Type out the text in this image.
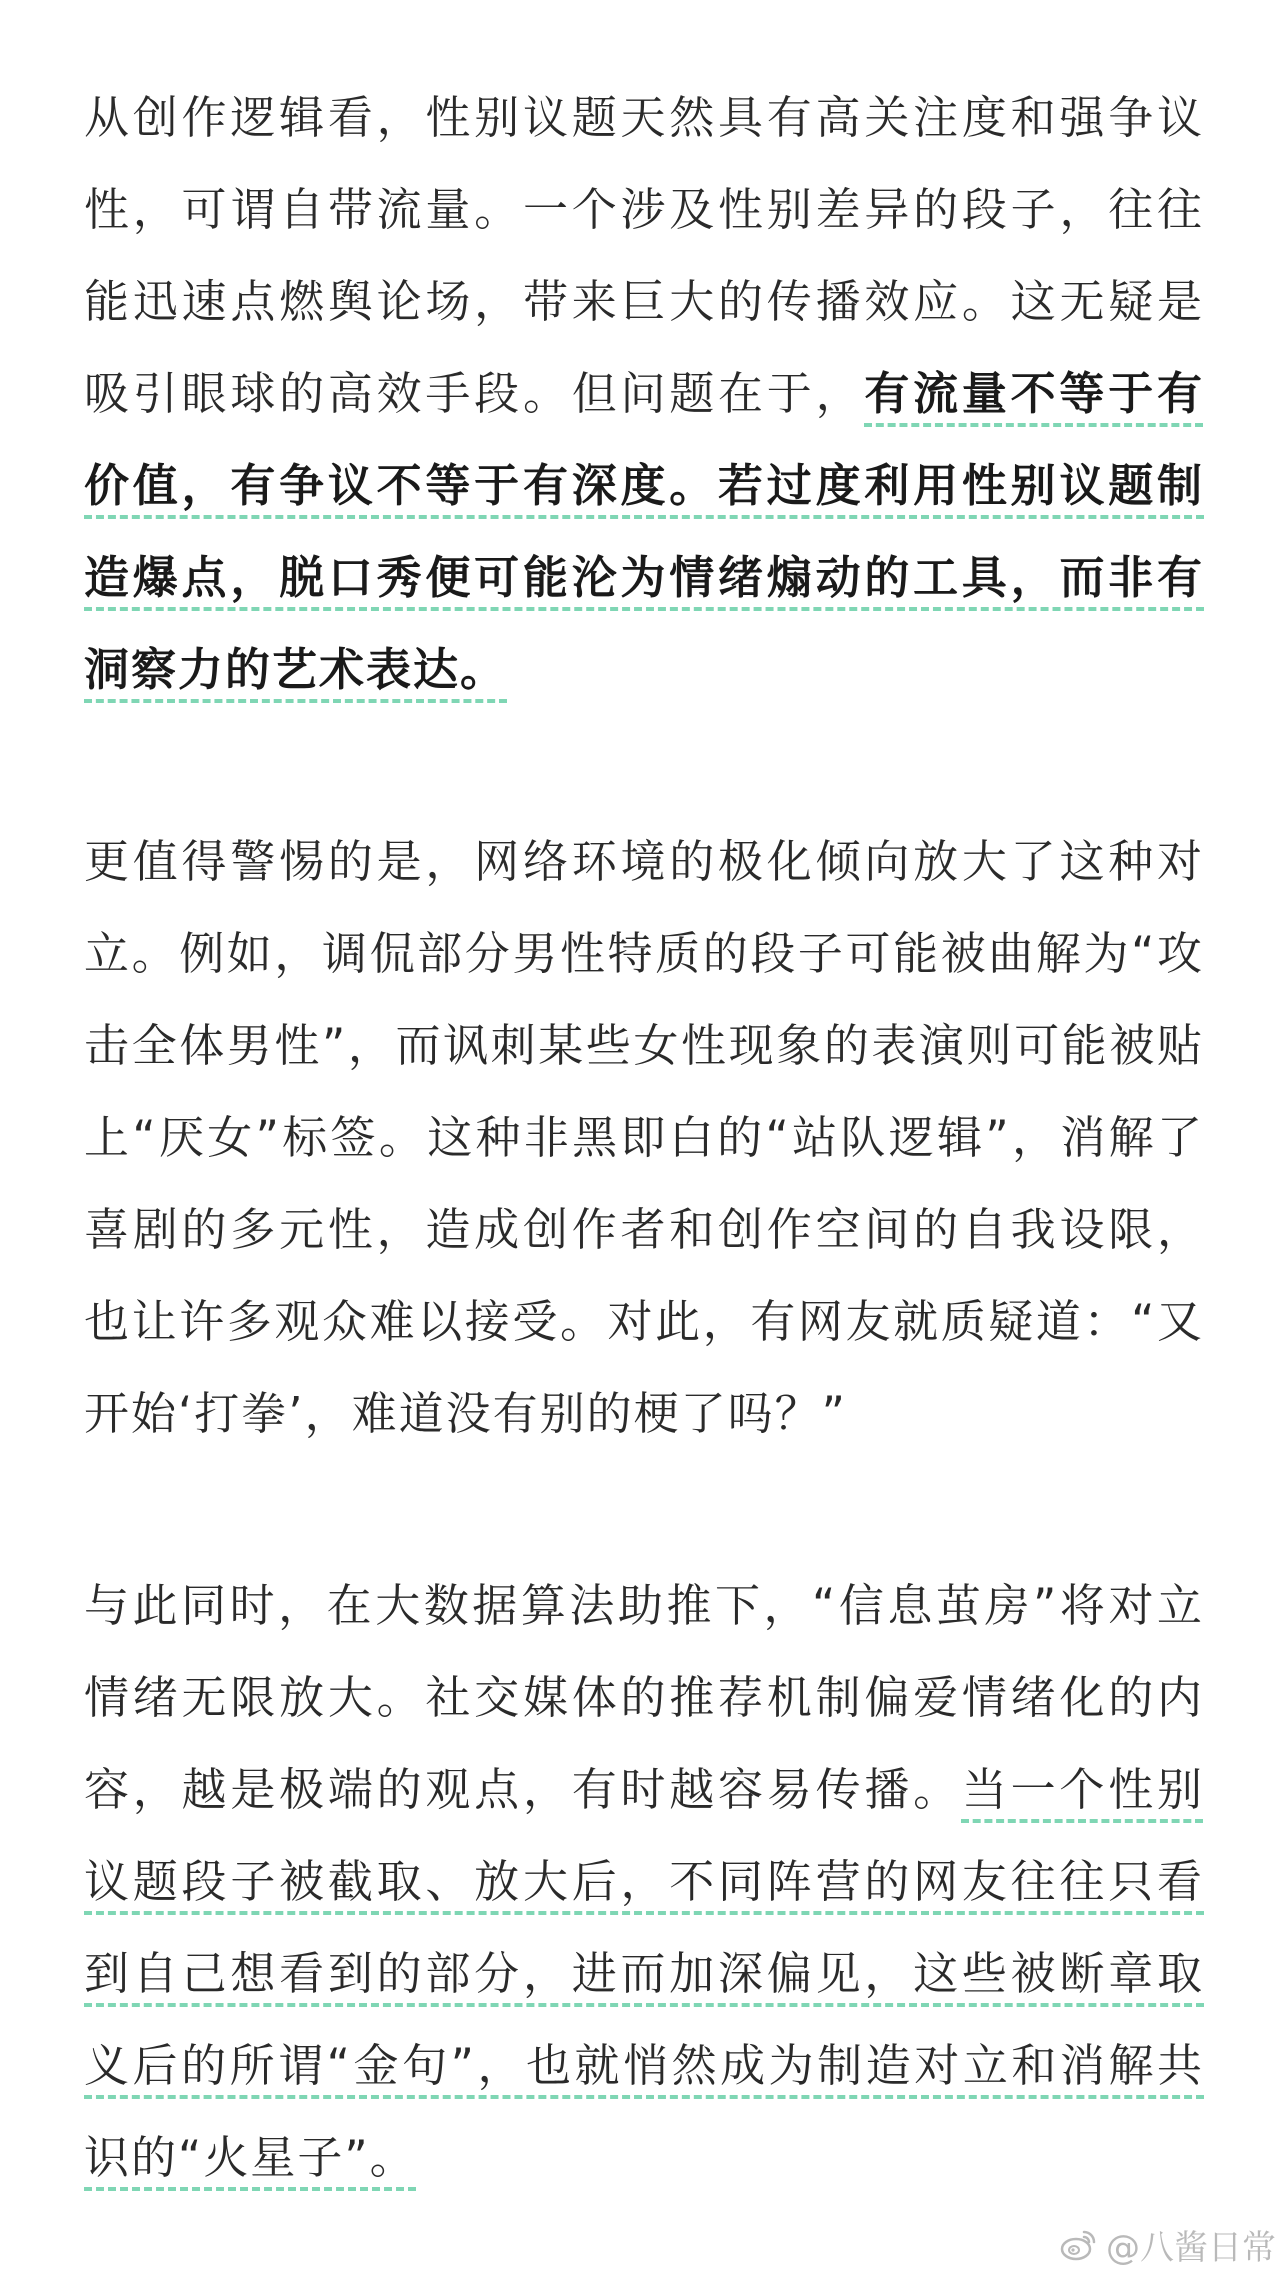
从创作逻辑看，性别议题天然具有高关注度和强争议性，可谓自带流量。一个涉及性别差异的段子，往往能迅速点燃舆论场，带来巨大的传播效应。这无疑是吸引眼球的高效手段。但问题在于，有流量不等于有价值，有争议不等于有深度。若过度利用性别议题制造爆点，脱口秀便可能沦为情绪煽动的工具，而非有洞察力的艺术表达。

更值得警惕的是，网络环境的极化倾向放大了这种对立。例如，调侃部分男性特质的段子可能被曲解为“攻击全体男性”，而讽刺某些女性现象的表演则可能被贴上“厌女”标签。这种非黑即白的“站队逻辑”，消解了喜剧的多元性，造成创作者和创作空间的自我设限，也让许多观众难以接受。对此，有网友就质疑道：“又开始‘打拳’，难道没有别的梗了吗？”

与此同时，在大数据算法助推下，“信息茧房”将对立情绪无限放大。社交媒体的推荐机制偏爱情绪化的内容，越是极端的观点，有时越容易传播。当一个性别议题段子被截取、放大后，不同阵营的网友往往只看到自己想看到的部分，进而加深偏见，这些被断章取义后的所谓“金句”，也就悄然成为制造对立和消解共识的“火星子”。

@八酱日常
